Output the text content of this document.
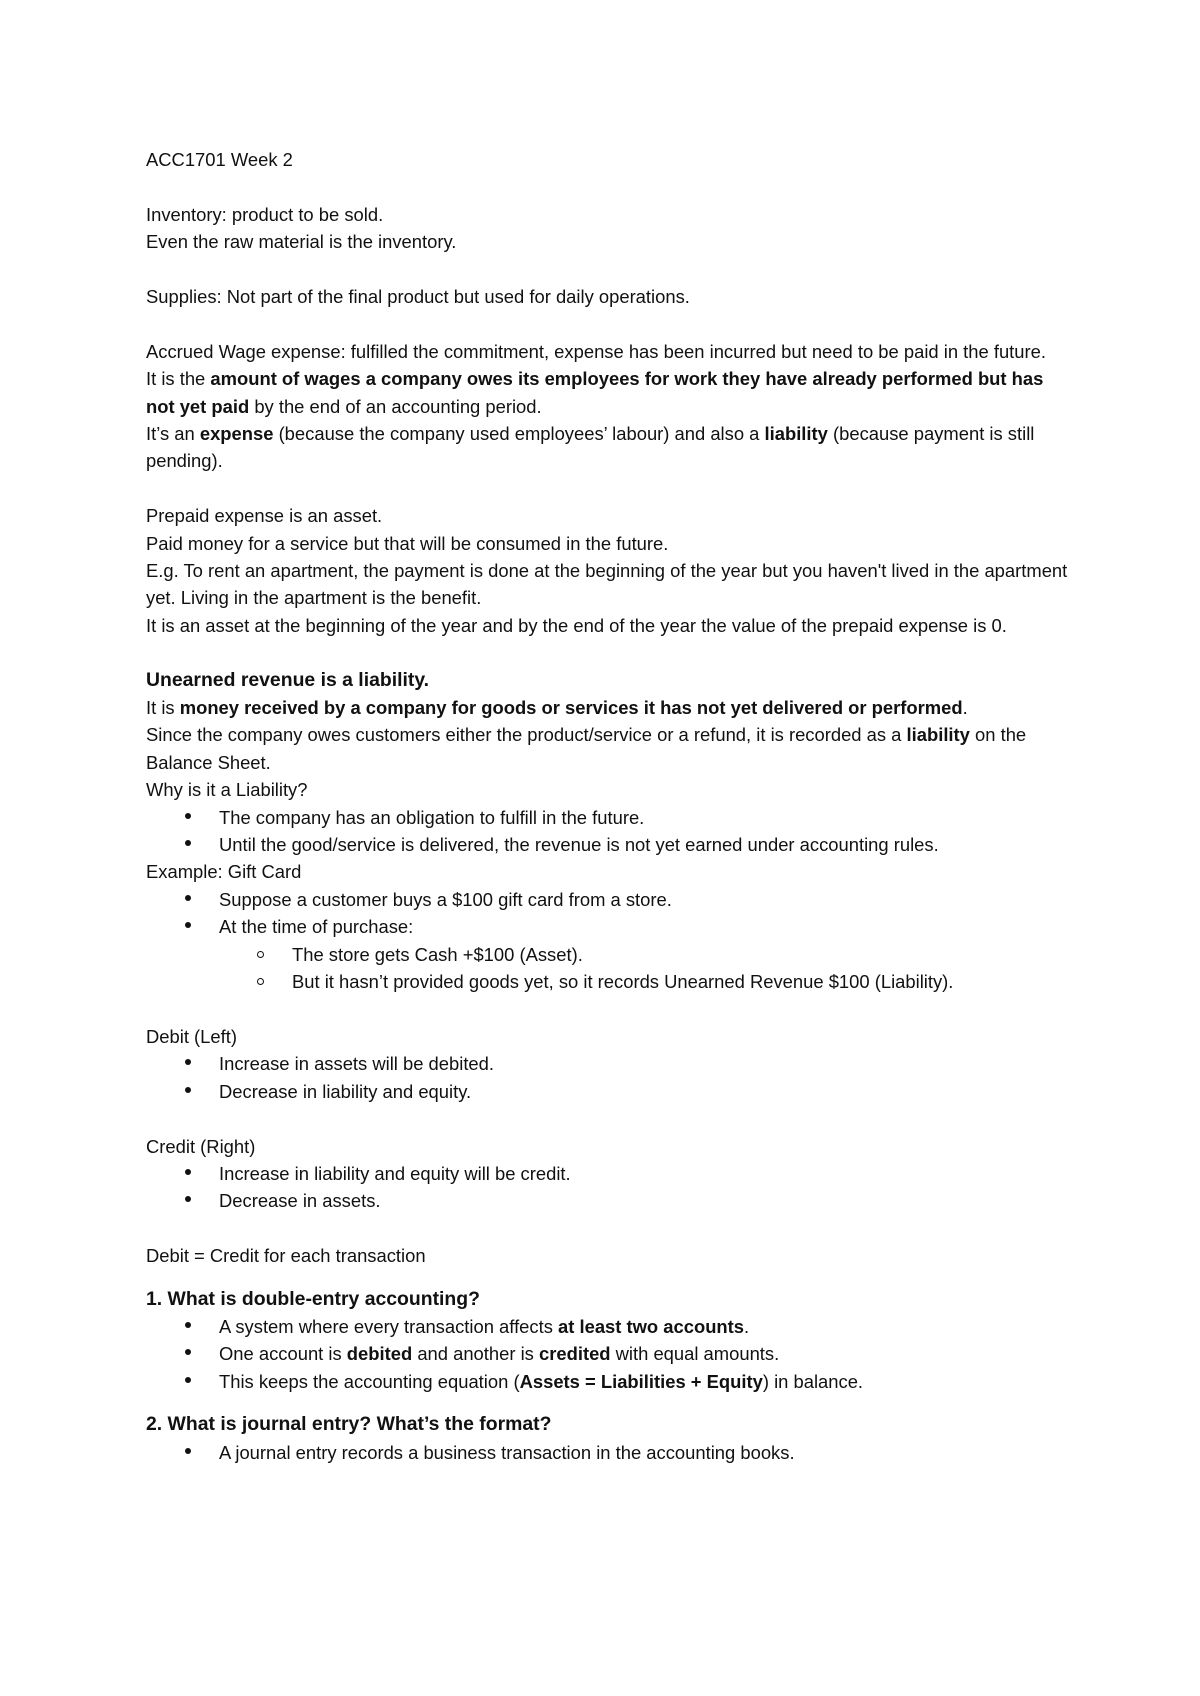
ACC1701 Week 2

Inventory: product to be sold.

Even the raw material is the inventory.

Supplies: Not part of the final product but used for daily operations.

Accrued Wage expense: fulfilled the commitment, expense has been incurred but need to be paid in the future.

It is the amount of wages a company owes its employees for work they have already performed but has not yet paid by the end of an accounting period.

It’s an expense (because the company used employees’ labour) and also a liability (because payment is still pending).

Prepaid expense is an asset.

Paid money for a service but that will be consumed in the future.

E.g. To rent an apartment, the payment is done at the beginning of the year but you haven't lived in the apartment yet. Living in the apartment is the benefit.

It is an asset at the beginning of the year and by the end of the year the value of the prepaid expense is 0.

Unearned revenue is a liability.

It is money received by a company for goods or services it has not yet delivered or performed.

Since the company owes customers either the product/service or a refund, it is recorded as a liability on the Balance Sheet.

Why is it a Liability?

The company has an obligation to fulfill in the future.
Until the good/service is delivered, the revenue is not yet earned under accounting rules.

Example: Gift Card

Suppose a customer buys a $100 gift card from a store.
At the time of purchase:
The store gets Cash +$100 (Asset).
But it hasn’t provided goods yet, so it records Unearned Revenue $100 (Liability).

Debit (Left)

Increase in assets will be debited.
Decrease in liability and equity.

Credit (Right)

Increase in liability and equity will be credit.
Decrease in assets.

Debit = Credit for each transaction

1. What is double-entry accounting?

A system where every transaction affects at least two accounts.
One account is debited and another is credited with equal amounts.
This keeps the accounting equation (Assets = Liabilities + Equity) in balance.

2. What is journal entry? What’s the format?

A journal entry records a business transaction in the accounting books.
